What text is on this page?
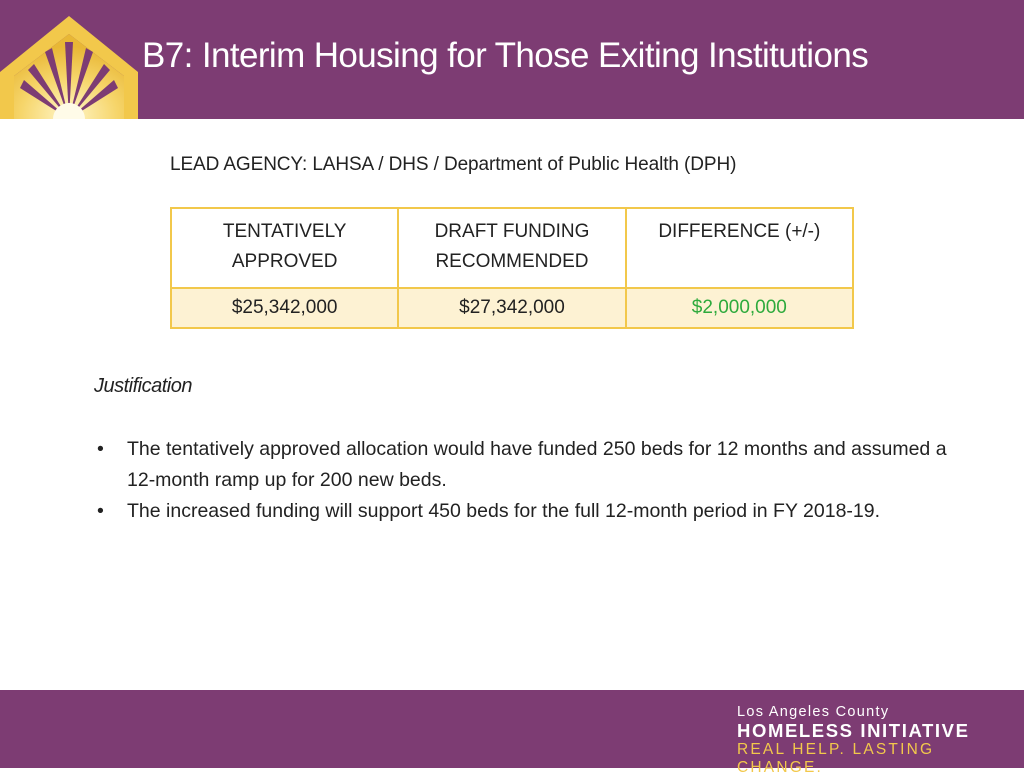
B7: Interim Housing for Those Exiting Institutions
LEAD AGENCY: LAHSA / DHS / Department of Public Health (DPH)
TENTATIVELY APPROVED	DRAFT FUNDING RECOMMENDED	DIFFERENCE (+/-)
$25,342,000	$27,342,000	$2,000,000
Justification
• The tentatively approved allocation would have funded 250 beds for 12 months and assumed a 12-month ramp up for 200 new beds.
• The increased funding will support 450 beds for the full 12-month period in FY 2018-19.
Los Angeles County
HOMELESS INITIATIVE
REAL HELP. LASTING CHANGE.
